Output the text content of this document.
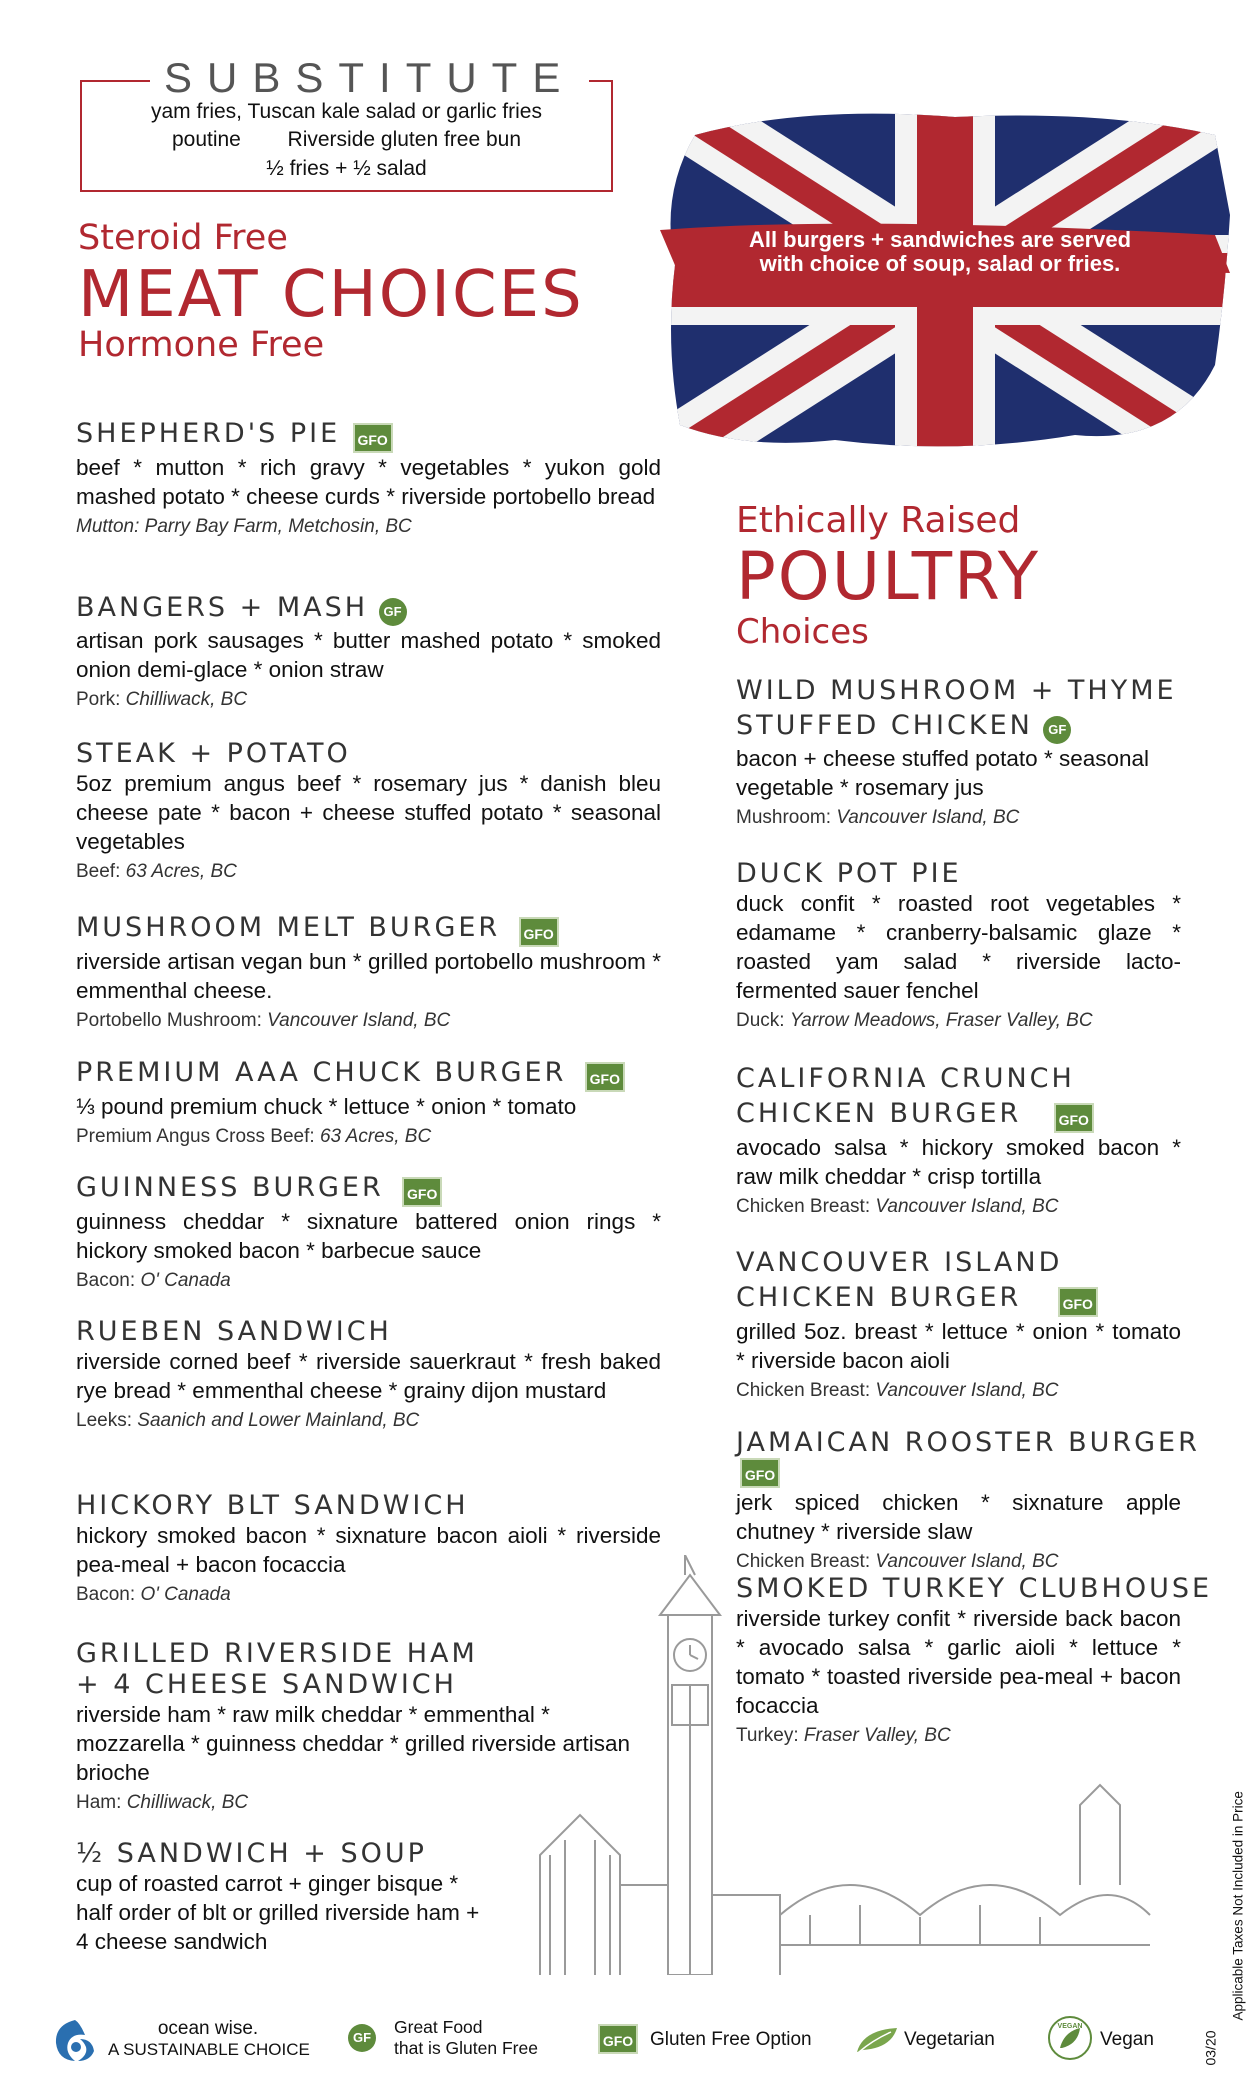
SUBSTITUTE
yam fries, Tuscan kale salad or garlic fries
poutine        Riverside gluten free bun
½ fries + ½ salad
All burgers + sandwiches are served
with choice of soup, salad or fries.
Steroid Free
MEAT CHOICES
Hormone Free
Ethically Raised
POULTRY
Choices
SHEPHERD'S PIE GFO
beef * mutton * rich gravy * vegetables * yukon gold mashed potato * cheese curds * riverside portobello bread
Mutton: Parry Bay Farm, Metchosin, BC
BANGERS + MASH GF
artisan pork sausages * butter mashed potato * smoked onion demi-glace * onion straw
Pork: Chilliwack, BC
STEAK + POTATO
5oz premium angus beef * rosemary jus * danish bleu cheese pate * bacon + cheese stuffed potato * seasonal vegetables
Beef: 63 Acres, BC
MUSHROOM MELT BURGER GFO
riverside artisan vegan bun * grilled portobello mushroom * emmenthal cheese.
Portobello Mushroom: Vancouver Island, BC
PREMIUM AAA CHUCK BURGER GFO
⅓ pound premium chuck * lettuce * onion * tomato
Premium Angus Cross Beef: 63 Acres, BC
GUINNESS BURGER GFO
guinness cheddar * sixnature battered onion rings * hickory smoked bacon * barbecue sauce
Bacon: O' Canada
RUEBEN SANDWICH
riverside corned beef * riverside sauerkraut * fresh baked rye bread * emmenthal cheese * grainy dijon mustard
Leeks: Saanich and Lower Mainland, BC
HICKORY BLT SANDWICH
hickory smoked bacon * sixnature bacon aioli * riverside pea-meal + bacon focaccia
Bacon: O' Canada
GRILLED RIVERSIDE HAM
+ 4 CHEESE SANDWICH
riverside ham * raw milk cheddar * emmenthal * mozzarella * guinness cheddar * grilled riverside artisan brioche
Ham: Chilliwack, BC
½ SANDWICH + SOUP
cup of roasted carrot + ginger bisque * half order of blt or grilled riverside ham + 4 cheese sandwich
WILD MUSHROOM + THYME
STUFFED CHICKEN GF
bacon + cheese stuffed potato * seasonal vegetable * rosemary jus
Mushroom: Vancouver Island, BC
DUCK POT PIE
duck confit * roasted root vegetables * edamame * cranberry-balsamic glaze * roasted yam salad * riverside lacto-fermented sauer fenchel
Duck: Yarrow Meadows, Fraser Valley, BC
CALIFORNIA CRUNCH
CHICKEN BURGER	GFO
avocado salsa * hickory smoked bacon * raw milk cheddar * crisp tortilla
Chicken Breast: Vancouver Island, BC
VANCOUVER ISLAND
CHICKEN BURGER	GFO
grilled 5oz. breast * lettuce * onion * tomato * riverside bacon aioli
Chicken Breast: Vancouver Island, BC
JAMAICAN ROOSTER BURGER GFO
jerk spiced chicken * sixnature apple chutney * riverside slaw
Chicken Breast: Vancouver Island, BC
SMOKED TURKEY CLUBHOUSE
riverside turkey confit * riverside back bacon * avocado salsa * garlic aioli * lettuce * tomato * toasted riverside pea-meal + bacon focaccia
Turkey: Fraser Valley, BC
Applicable Taxes Not Included in Price
03/20
ocean wise.
A SUSTAINABLE CHOICE
GF
Great Food
that is Gluten Free	GFO Gluten Free Option	Vegetarian
VEGAN
Vegan
